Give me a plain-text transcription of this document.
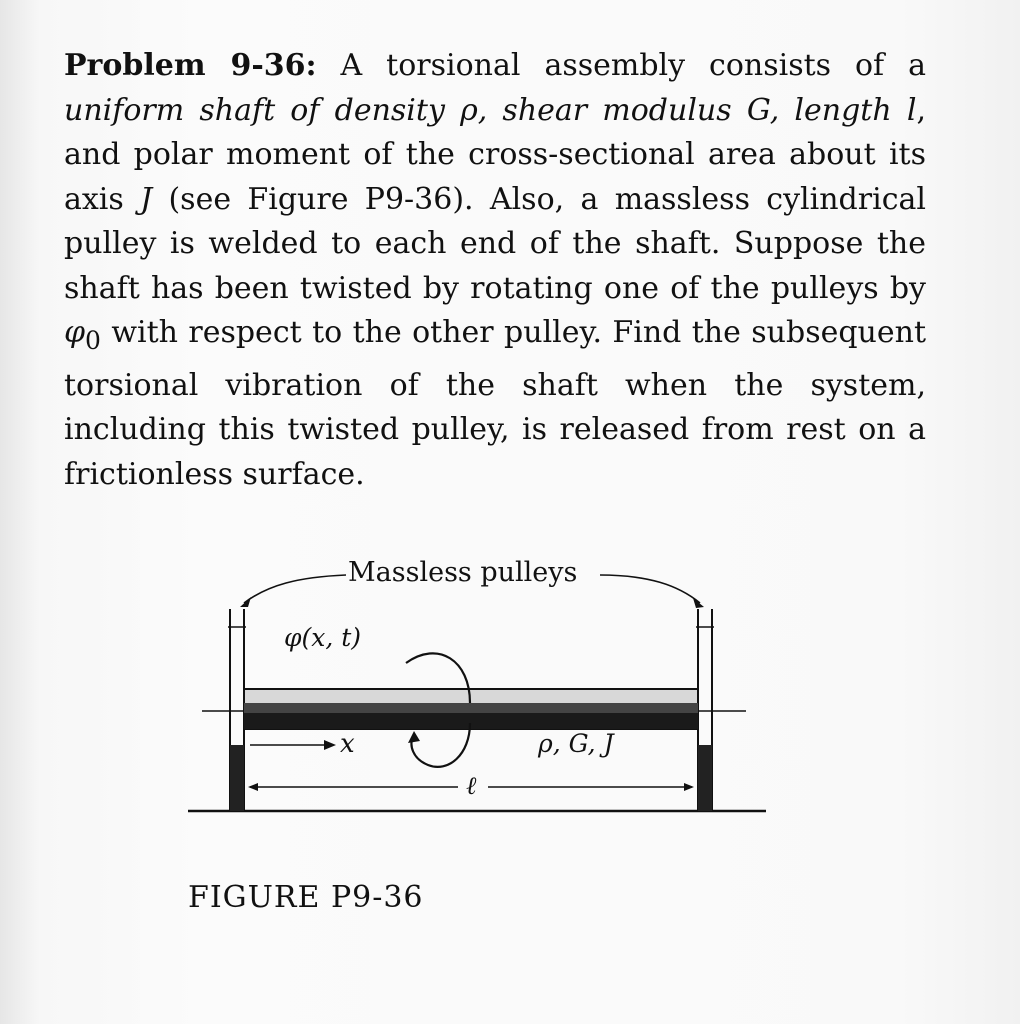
Problem 9-36: A torsional assembly consists of a uniform shaft of density ρ, shear modulus G, length l, and polar moment of the cross-sectional area about its axis J (see Figure P9-36). Also, a massless cylindrical pulley is welded to each end of the shaft. Suppose the shaft has been twisted by rotating one of the pulleys by $\varphi_0$ with respect to the other pulley. Find the subsequent torsional vibration of the shaft when the system, including this twisted pulley, is released from rest on a frictionless surface.

Massless pulleys
φ(x, t)
x	ρ, G, J
ℓ
FIGURE P9-36
